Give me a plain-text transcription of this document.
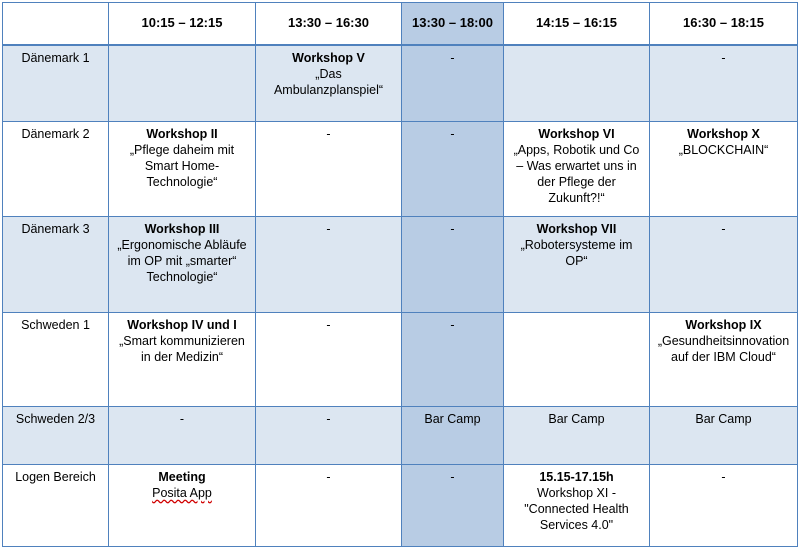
	10:15 – 12:15	13:30 – 16:30	13:30 – 18:00	14:15 – 16:15	16:30 – 18:15
Dänemark 1		Workshop V
„Das Ambulanzplanspiel“	-		-

Dänemark 2	Workshop II
„Pflege daheim mit Smart Home-Technologie“	-	-	Workshop VI
„Apps, Robotik und Co – Was erwartet uns in der Pflege der Zukunft?!“	Workshop X
„BLOCKCHAIN“

Dänemark 3	Workshop III
„Ergonomische Abläufe im OP mit „smarter“ Technologie“	-	-	Workshop VII
„Robotersysteme im OP“	-

Schweden 1	Workshop IV und I
„Smart kommunizieren in der Medizin“	-	-		Workshop IX
„Gesundheitsinnovation auf der IBM Cloud“

Schweden 2/3	-	-	Bar Camp	Bar Camp	Bar Camp

Logen Bereich	Meeting
Posita App	-	-	15.15-17.15h
Workshop XI - "Connected Health Services 4.0"	-
